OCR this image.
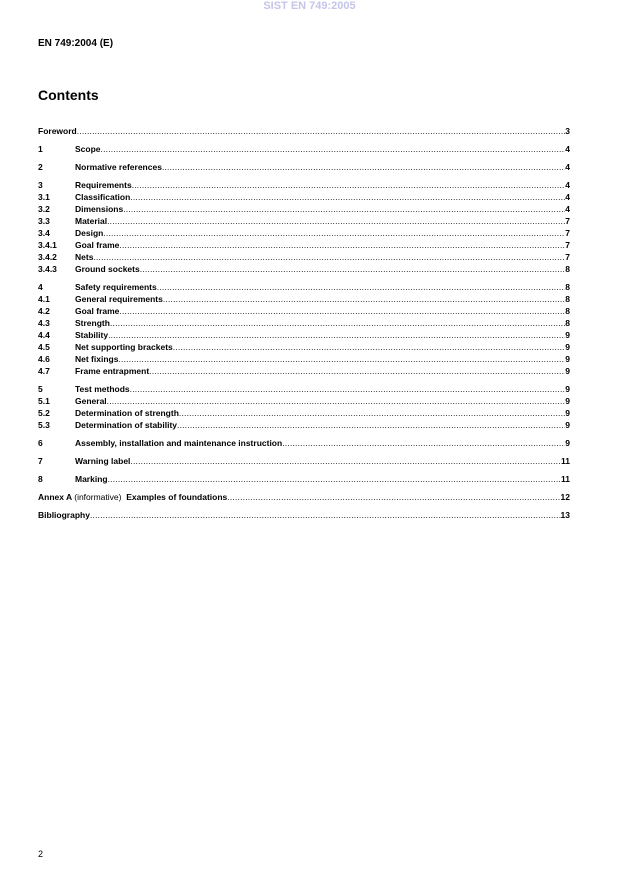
SIST EN 749:2005
EN 749:2004 (E)
Contents
Foreword .....	3
1	Scope .....	4
2	Normative references .....	4
3	Requirements .....	4
3.1	Classification .....	4
3.2	Dimensions .....	4
3.3	Material .....	7
3.4	Design .....	7
3.4.1	Goal frame .....	7
3.4.2	Nets .....	7
3.4.3	Ground sockets .....	8
4	Safety requirements .....	8
4.1	General requirements .....	8
4.2	Goal frame .....	8
4.3	Strength .....	8
4.4	Stability .....	9
4.5	Net supporting brackets .....	9
4.6	Net fixings .....	9
4.7	Frame entrapment .....	9
5	Test methods .....	9
5.1	General .....	9
5.2	Determination of strength .....	9
5.3	Determination of stability .....	9
6	Assembly, installation and maintenance instruction .....	9
7	Warning label .....	11
8	Marking .....	11
Annex A (informative) Examples of foundations .....	12
Bibliography .....	13
2
